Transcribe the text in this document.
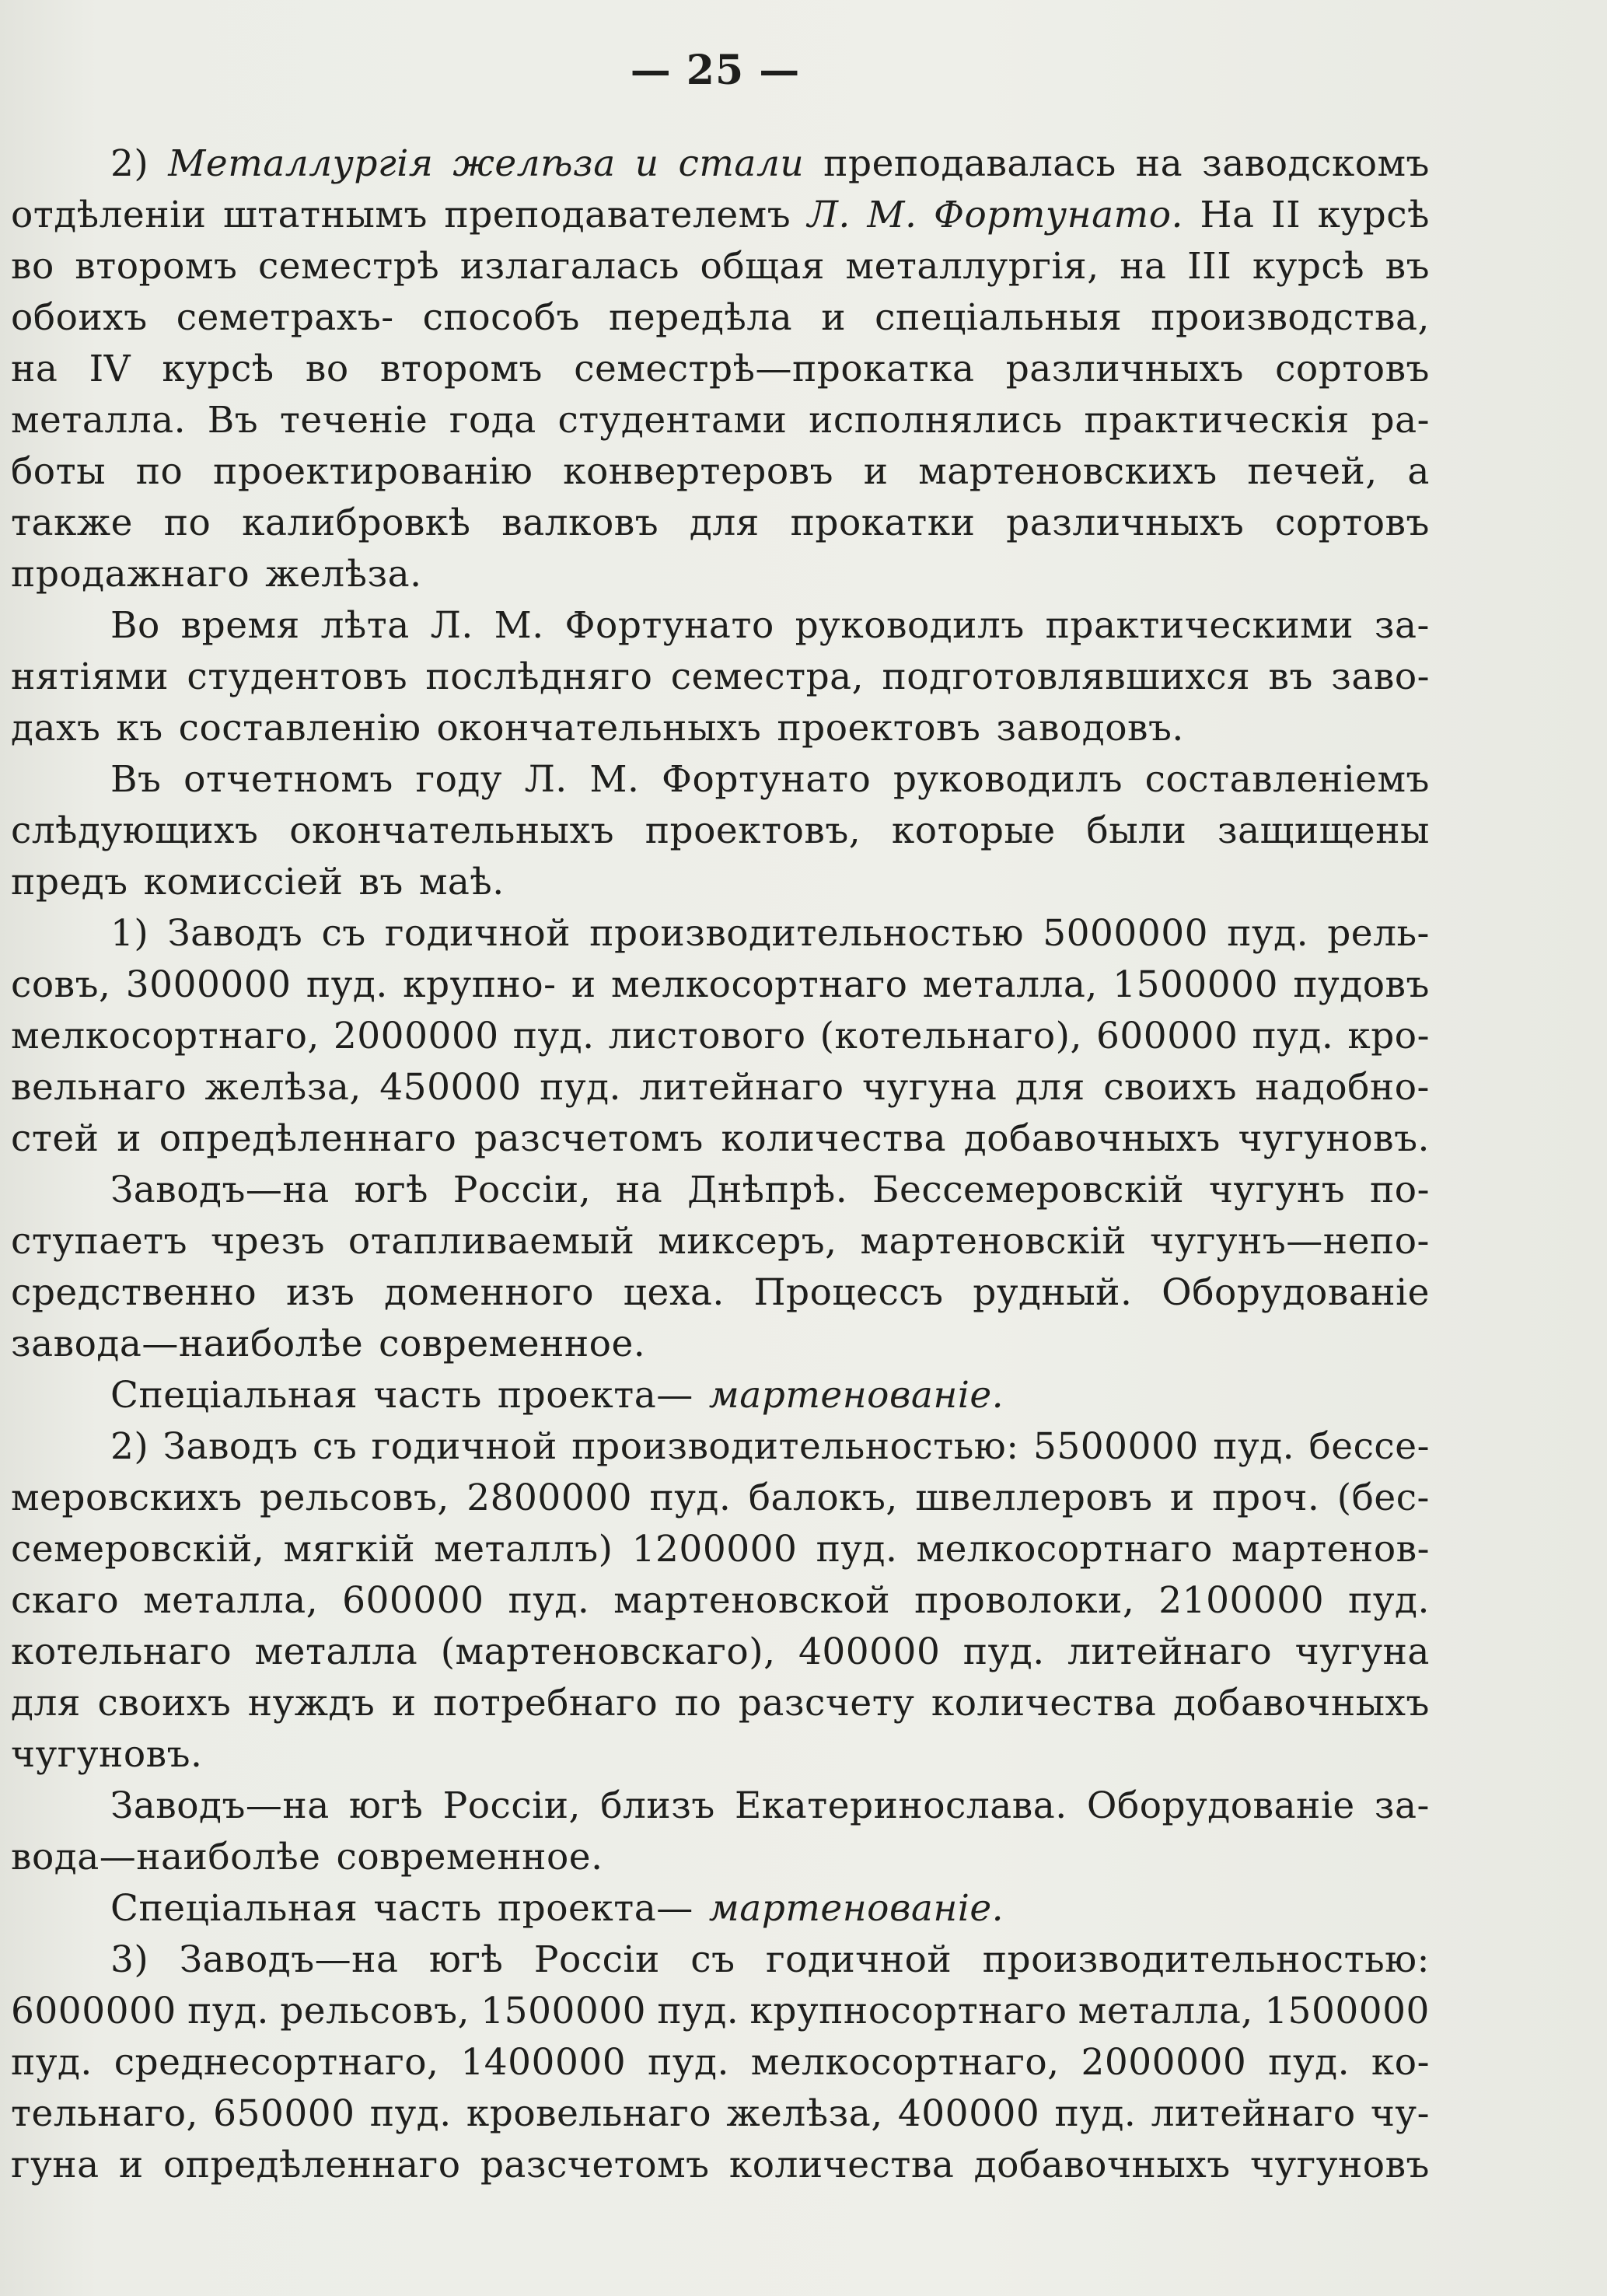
— 25 —
2) Металлургія желѣза и стали преподавалась на заводскомъ
отдѣленіи штатнымъ преподавателемъ Л. М. Фортунато. На II курсѣ
во второмъ семестрѣ излагалась общая металлургія, на III курсѣ въ
обоихъ семетрахъ- способъ передѣла и спеціальныя производства,
на IV курсѣ во второмъ семестрѣ—прокатка различныхъ сортовъ
металла. Въ теченіе года студентами исполнялись практическія ра-
боты по проектированію конвертеровъ и мартеновскихъ печей, а
также по калибровкѣ валковъ для прокатки различныхъ сортовъ
продажнаго желѣза.
Во время лѣта Л. М. Фортунато руководилъ практическими за-
нятіями студентовъ послѣдняго семестра, подготовлявшихся въ заво-
дахъ къ составленію окончательныхъ проектовъ заводовъ.
Въ отчетномъ году Л. М. Фортунато руководилъ составленіемъ
слѣдующихъ окончательныхъ проектовъ, которые были защищены
предъ комиссіей въ маѣ.
1) Заводъ съ годичной производительностью 5000000 пуд. рель-
совъ, 3000000 пуд. крупно- и мелкосортнаго металла, 1500000 пудовъ
мелкосортнаго, 2000000 пуд. листового (котельнаго), 600000 пуд. кро-
вельнаго желѣза, 450000 пуд. литейнаго чугуна для своихъ надобно-
стей и опредѣленнаго разсчетомъ количества добавочныхъ чугуновъ.
Заводъ—на югѣ Россіи, на Днѣпрѣ. Бессемеровскій чугунъ по-
ступаетъ чрезъ отапливаемый миксеръ, мартеновскій чугунъ—непо-
средственно изъ доменного цеха. Процессъ рудный. Оборудованіе
завода—наиболѣе современное.
Спеціальная часть проекта— мартенованіе.
2) Заводъ съ годичной производительностью: 5500000 пуд. бессе-
меровскихъ рельсовъ, 2800000 пуд. балокъ, швеллеровъ и проч. (бес-
семеровскій, мягкій металлъ) 1200000 пуд. мелкосортнаго мартенов-
скаго металла, 600000 пуд. мартеновской проволоки, 2100000 пуд.
котельнаго металла (мартеновскаго), 400000 пуд. литейнаго чугуна
для своихъ нуждъ и потребнаго по разсчету количества добавочныхъ
чугуновъ.
Заводъ—на югѣ Россіи, близъ Екатеринослава. Оборудованіе за-
вода—наиболѣе современное.
Спеціальная часть проекта— мартенованіе.
3) Заводъ—на югѣ Россіи съ годичной производительностью:
6000000 пуд. рельсовъ, 1500000 пуд. крупносортнаго металла, 1500000
пуд. среднесортнаго, 1400000 пуд. мелкосортнаго, 2000000 пуд. ко-
тельнаго, 650000 пуд. кровельнаго желѣза, 400000 пуд. литейнаго чу-
гуна и опредѣленнаго разсчетомъ количества добавочныхъ чугуновъ
